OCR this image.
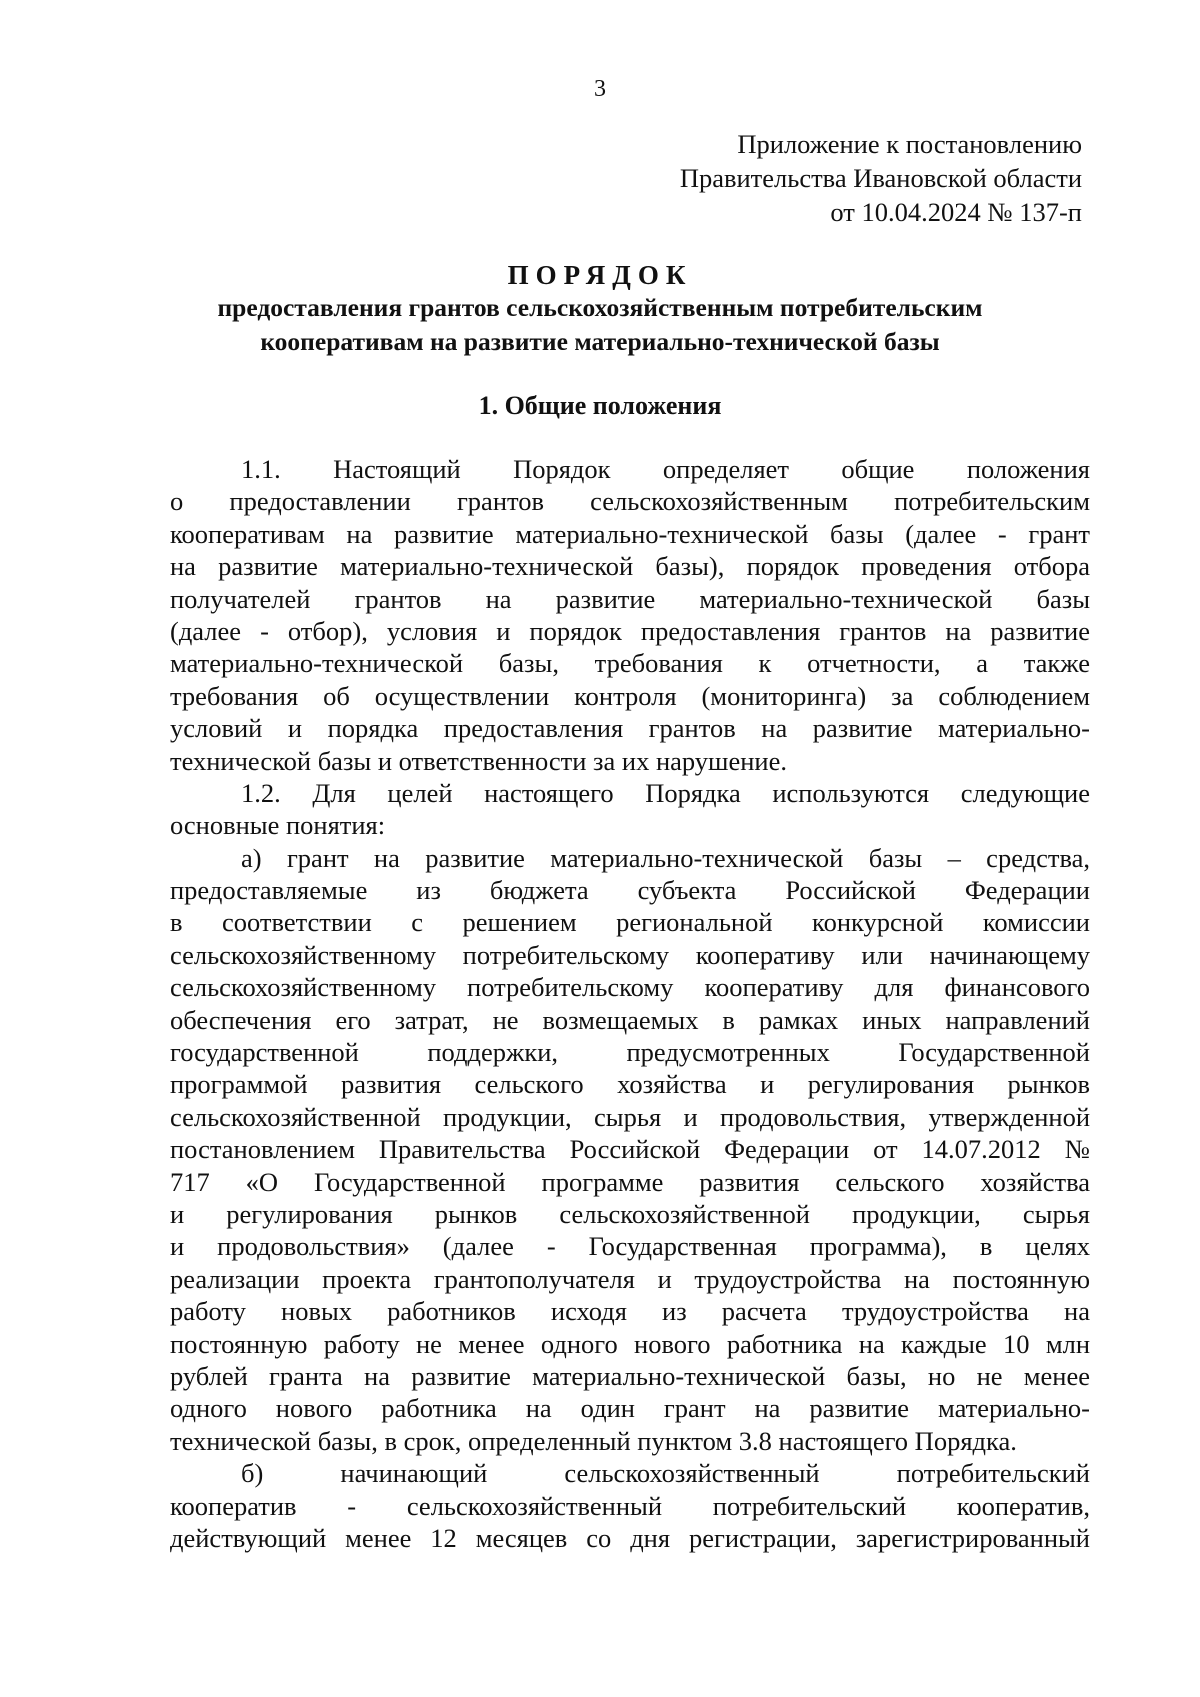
3
Приложение к постановлению
Правительства Ивановской области
от 10.04.2024 № 137-п
ПОРЯДОК
предоставления грантов сельскохозяйственным потребительским
кооперативам на развитие материально-технической базы
1. Общие положения
1.1. Настоящий Порядок определяет общие положения
о предоставлении грантов сельскохозяйственным потребительским
кооперативам на развитие материально-технической базы (далее - грант
на развитие материально-технической базы), порядок проведения отбора
получателей грантов на развитие материально-технической базы
(далее - отбор), условия и порядок предоставления грантов на развитие
материально-технической базы, требования к отчетности, а также
требования об осуществлении контроля (мониторинга) за соблюдением
условий и порядка предоставления грантов на развитие материально-
технической базы и ответственности за их нарушение.
1.2. Для целей настоящего Порядка используются следующие
основные понятия:
а) грант на развитие материально-технической базы – средства,
предоставляемые из бюджета субъекта Российской Федерации
в соответствии с решением региональной конкурсной комиссии
сельскохозяйственному потребительскому кооперативу или начинающему
сельскохозяйственному потребительскому кооперативу для финансового
обеспечения его затрат, не возмещаемых в рамках иных направлений
государственной поддержки, предусмотренных Государственной
программой развития сельского хозяйства и регулирования рынков
сельскохозяйственной продукции, сырья и продовольствия, утвержденной
постановлением Правительства Российской Федерации от 14.07.2012 №
717 «О Государственной программе развития сельского хозяйства
и регулирования рынков сельскохозяйственной продукции, сырья
и продовольствия» (далее - Государственная программа), в целях
реализации проекта грантополучателя и трудоустройства на постоянную
работу новых работников исходя из расчета трудоустройства на
постоянную работу не менее одного нового работника на каждые 10 млн
рублей гранта на развитие материально-технической базы, но не менее
одного нового работника на один грант на развитие материально-
технической базы, в срок, определенный пунктом 3.8 настоящего Порядка.
б) начинающий сельскохозяйственный потребительский
кооператив - сельскохозяйственный потребительский кооператив,
действующий менее 12 месяцев со дня регистрации, зарегистрированный
